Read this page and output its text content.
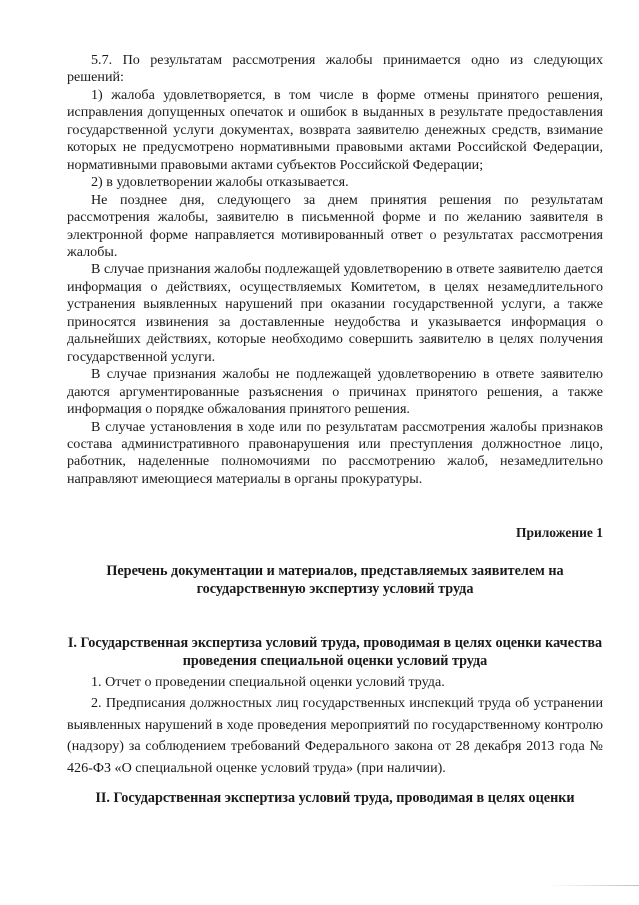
5.7. По результатам рассмотрения жалобы принимается одно из следующих решений:

1) жалоба удовлетворяется, в том числе в форме отмены принятого решения, исправления допущенных опечаток и ошибок в выданных в результате предоставления государственной услуги документах, возврата заявителю денежных средств, взимание которых не предусмотрено нормативными правовыми актами Российской Федерации, нормативными правовыми актами субъектов Российской Федерации;

2) в удовлетворении жалобы отказывается.

Не позднее дня, следующего за днем принятия решения по результатам рассмотрения жалобы, заявителю в письменной форме и по желанию заявителя в электронной форме направляется мотивированный ответ о результатах рассмотрения жалобы.

В случае признания жалобы подлежащей удовлетворению в ответе заявителю дается информация о действиях, осуществляемых Комитетом, в целях незамедлительного устранения выявленных нарушений при оказании государственной услуги, а также приносятся извинения за доставленные неудобства и указывается информация о дальнейших действиях, которые необходимо совершить заявителю в целях получения государственной услуги.

В случае признания жалобы не подлежащей удовлетворению в ответе заявителю даются аргументированные разъяснения о причинах принятого решения, а также информация о порядке обжалования принятого решения.

В случае установления в ходе или по результатам рассмотрения жалобы признаков состава административного правонарушения или преступления должностное лицо, работник, наделенные полномочиями по рассмотрению жалоб, незамедлительно направляют имеющиеся материалы в органы прокуратуры.

Приложение 1

Перечень документации и материалов, представляемых заявителем на государственную экспертизу условий труда

I. Государственная экспертиза условий труда, проводимая в целях оценки качества проведения специальной оценки условий труда

1. Отчет о проведении специальной оценки условий труда.

2. Предписания должностных лиц государственных инспекций труда об устранении выявленных нарушений в ходе проведения мероприятий по государственному контролю (надзору) за соблюдением требований Федерального закона от 28 декабря 2013 года № 426-ФЗ «О специальной оценке условий труда» (при наличии).

II. Государственная экспертиза условий труда, проводимая в целях оценки
